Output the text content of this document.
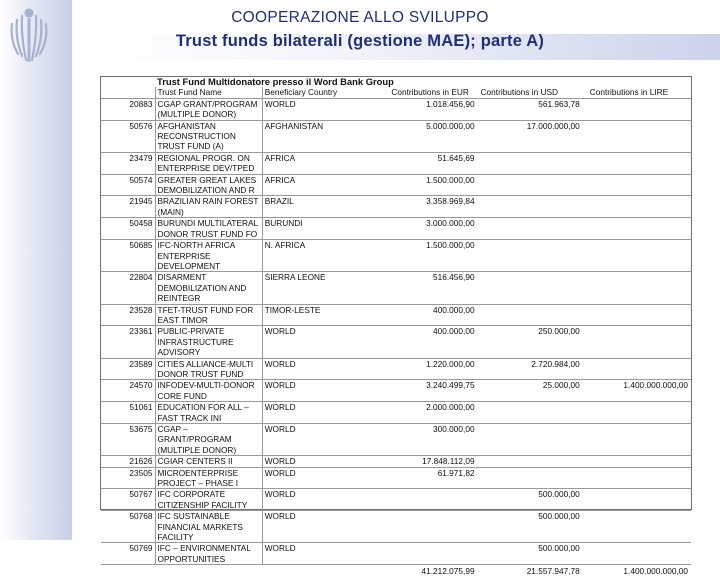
COOPERAZIONE ALLO SVILUPPO
Trust funds bilaterali (gestione MAE); parte A)
	Trust Fund Multidonatore presso il Word Bank Group				
	Trust Fund Name	Beneficiary Country	Contributions in EUR	Contributions in USD	Contributions in LIRE
20883	CGAP GRANT/PROGRAM (MULTIPLE DONOR)	WORLD	1.018.456,90	561.963,78	
50576	AFGHANISTAN RECONSTRUCTION TRUST FUND (A)	AFGHANISTAN	5.000.000,00	17.000.000,00	
23479	REGIONAL PROGR. ON ENTERPRISE DEV/TPED	AFRICA	51.645,69		
50574	GREATER GREAT LAKES DEMOBILIZATION AND R	AFRICA	1.500.000,00		
21945	BRAZILIAN RAIN FOREST (MAIN)	BRAZIL	3.358.969,84		
50458	BURUNDI MULTILATERAL DONOR TRUST FUND FO	BURUNDI	3.000.000,00		
50685	IFC-NORTH AFRICA ENTERPRISE DEVELOPMENT	N. AFRICA	1.500.000,00		
22804	DISARMENT DEMOBILIZATION AND REINTEGR	SIERRA LEONE	516.456,90		
23528	TFET-TRUST FUND FOR EAST TIMOR	TIMOR-LESTE	400.000,00		
23361	PUBLIC-PRIVATE INFRASTRUCTURE ADVISORY	WORLD	400.000,00	250.000,00	
23589	CITIES ALLIANCE-MULTI DONOR TRUST FUND	WORLD	1.220.000,00	2.720.984,00	
24570	INFODEV-MULTI-DONOR CORE FUND	WORLD	3.240.499,75	25.000,00	1.400.000.000,00
51061	EDUCATION FOR ALL – FAST TRACK INI	WORLD	2.000.000,00		
53675	CGAP – GRANT/PROGRAM (MULTIPLE DONOR)	WORLD	300.000,00		
21626	CGIAR CENTERS II	WORLD	17.848.112,09		
23505	MICROENTERPRISE PROJECT – PHASE I	WORLD	61.971,82		
50767	IFC CORPORATE CITIZENSHIP FACILITY	WORLD		500.000,00	
50768	IFC SUSTAINABLE FINANCIAL MARKETS FACILITY	WORLD		500.000,00	
50769	IFC – ENVIRONMENTAL OPPORTUNITIES	WORLD		500.000,00	
			41.212.075,99	21.557.947,78	1.400.000.000,00
